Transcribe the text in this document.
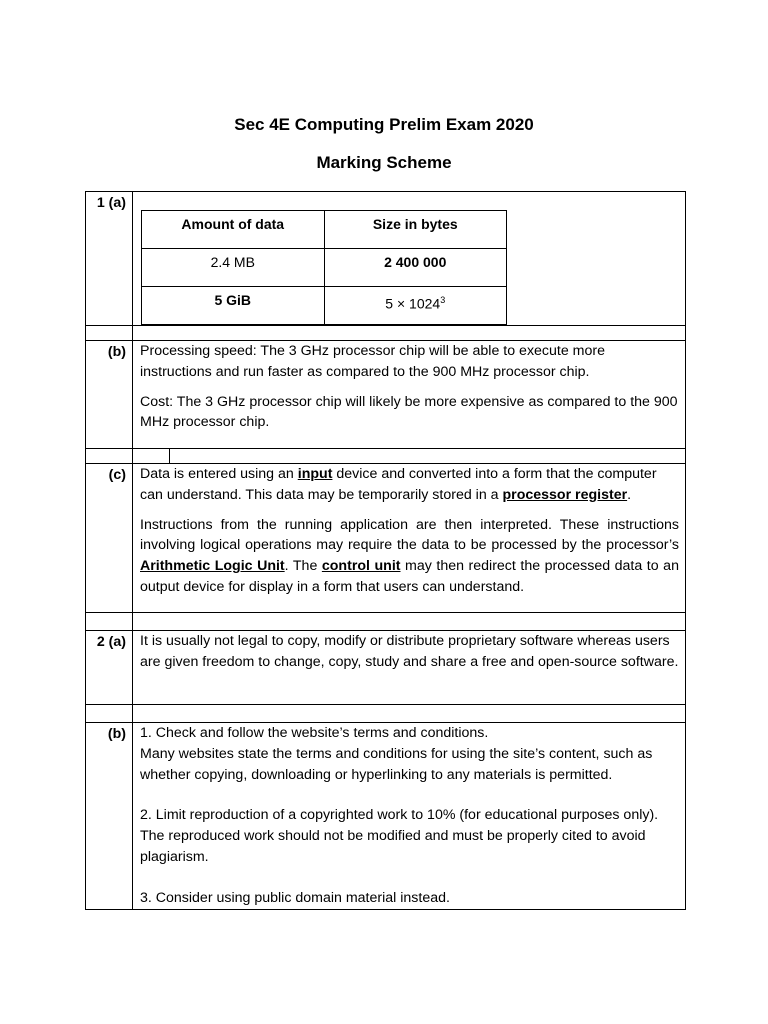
Sec 4E Computing Prelim Exam 2020
Marking Scheme
1 (a)	
Amount of data	Size in bytes
2.4 MB	2 400 000
5 GiB	$5 \times 1024^3$

(b)	Processing speed: The 3 GHz processor chip will be able to execute more instructions and run faster as compared to the 900 MHz processor chip.

Cost: The 3 GHz processor chip will likely be more expensive as compared to the 900 MHz processor chip.

(c)	Data is entered using an input device and converted into a form that the computer can understand. This data may be temporarily stored in a processor register.

Instructions from the running application are then interpreted. These instructions involving logical operations may require the data to be processed by the processor’s Arithmetic Logic Unit. The control unit may then redirect the processed data to an output device for display in a form that users can understand.

2 (a)	It is usually not legal to copy, modify or distribute proprietary software whereas users are given freedom to change, copy, study and share a free and open-source software.

(b)	1. Check and follow the website’s terms and conditions.

Many websites state the terms and conditions for using the site’s content, such as whether copying, downloading or hyperlinking to any materials is permitted.

2. Limit reproduction of a copyrighted work to 10% (for educational purposes only). The reproduced work should not be modified and must be properly cited to avoid plagiarism.

3. Consider using public domain material instead.
